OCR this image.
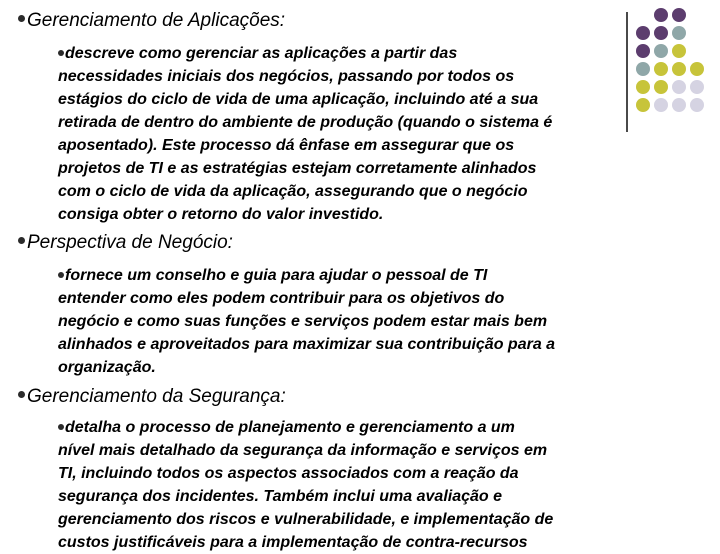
Gerenciamento de Aplicações:
descreve como gerenciar as aplicações a partir das
necessidades iniciais dos negócios, passando por todos os
estágios do ciclo de vida de uma aplicação, incluindo até a sua
retirada de dentro do ambiente de produção (quando o sistema é
aposentado). Este processo dá ênfase em assegurar que os
projetos de TI e as estratégias estejam corretamente alinhados
com o ciclo de vida da aplicação, assegurando que o negócio
consiga obter o retorno do valor investido.
Perspectiva de Negócio:
fornece um conselho e guia para ajudar o pessoal de TI
entender como eles podem contribuir para os objetivos do
negócio e como suas funções e serviços podem estar mais bem
alinhados e aproveitados para maximizar sua contribuição para a
organização.
Gerenciamento da Segurança:
detalha o processo de planejamento e gerenciamento a um
nível mais detalhado da segurança da informação e serviços em
TI, incluindo todos os aspectos associados com a reação da
segurança dos incidentes. Também inclui uma avaliação e
gerenciamento dos riscos e vulnerabilidade, e implementação de
custos justificáveis para a implementação de contra-recursos
